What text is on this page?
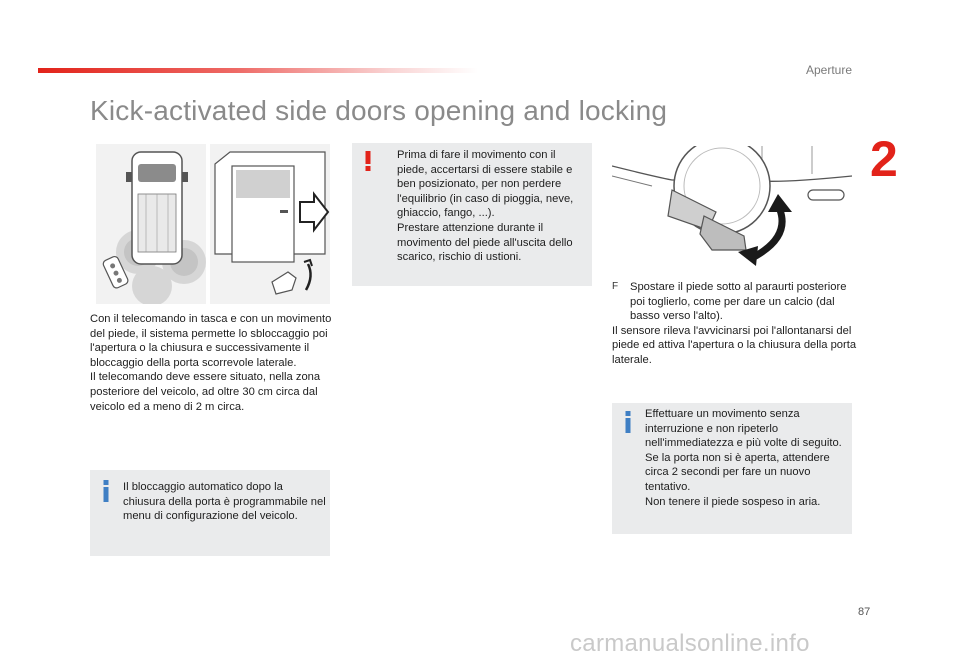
Aperture
2
Kick-activated side doors opening and locking

Prima di fare il movimento con il piede, accertarsi di essere stabile e ben posizionato, per non perdere l'equilibrio (in caso di pioggia, neve, ghiaccio, fango, ...).

Prestare attenzione durante il movimento del piede all'uscita dello scarico, rischio di ustioni.

Con il telecomando in tasca e con un movimento del piede, il sistema permette lo sbloccaggio poi l'apertura o la chiusura e successivamente il bloccaggio della porta scorrevole laterale.

Il telecomando deve essere situato, nella zona posteriore del veicolo, ad oltre 30 cm circa dal veicolo ed a meno di 2 m circa.

F	Spostare il piede sotto al paraurti posteriore poi toglierlo, come per dare un calcio (dal basso verso l'alto).

Il sensore rileva l'avvicinarsi poi l'allontanarsi del piede ed attiva l'apertura o la chiusura della porta laterale.

Il bloccaggio automatico dopo la chiusura della porta è programmabile nel menu di configurazione del veicolo.

Effettuare un movimento senza interruzione e non ripeterlo nell'immediatezza e più volte di seguito.

Se la porta non si è aperta, attendere circa 2 secondi per fare un nuovo tentativo.

Non tenere il piede sospeso in aria.

87
carmanualsonline.info
